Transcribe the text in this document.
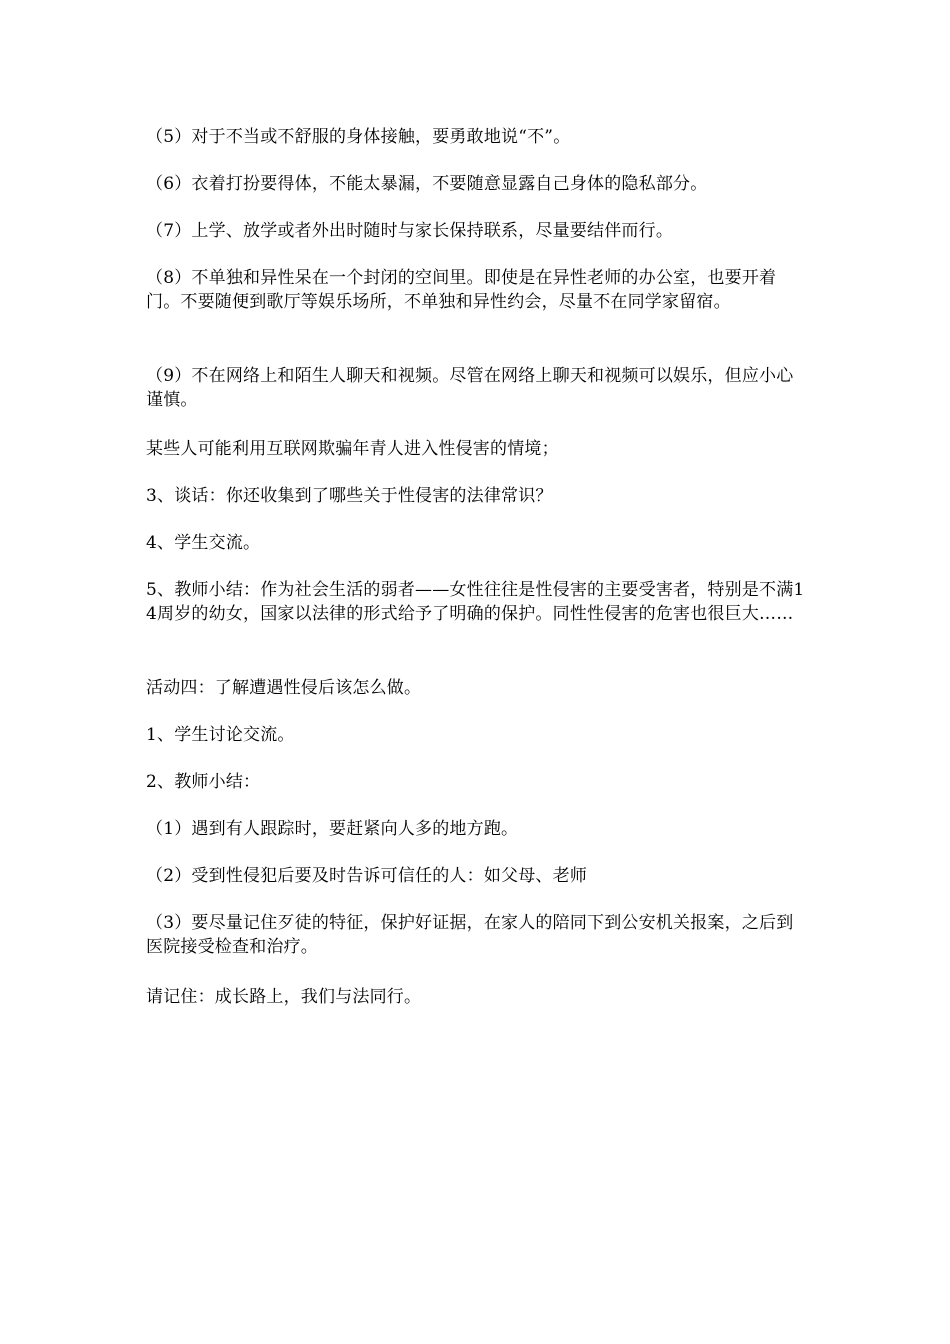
（5）对于不当或不舒服的身体接触，要勇敢地说“不”。

（6）衣着打扮要得体，不能太暴漏，不要随意显露自己身体的隐私部分。

（7）上学、放学或者外出时随时与家长保持联系，尽量要结伴而行。

（8）不单独和异性呆在一个封闭的空间里。即使是在异性老师的办公室，也要开着门。不要随便到歌厅等娱乐场所，不单独和异性约会，尽量不在同学家留宿。

（9）不在网络上和陌生人聊天和视频。尽管在网络上聊天和视频可以娱乐，但应小心谨慎。

某些人可能利用互联网欺骗年青人进入性侵害的情境；

3、谈话：你还收集到了哪些关于性侵害的法律常识？

4、学生交流。

5、教师小结：作为社会生活的弱者——女性往往是性侵害的主要受害者，特别是不满14周岁的幼女，国家以法律的形式给予了明确的保护。同性性侵害的危害也很巨大……

活动四：了解遭遇性侵后该怎么做。

1、学生讨论交流。

2、教师小结：

（1）遇到有人跟踪时，要赶紧向人多的地方跑。

（2）受到性侵犯后要及时告诉可信任的人：如父母、老师

（3）要尽量记住歹徒的特征，保护好证据，在家人的陪同下到公安机关报案，之后到医院接受检查和治疗。

请记住：成长路上，我们与法同行。
